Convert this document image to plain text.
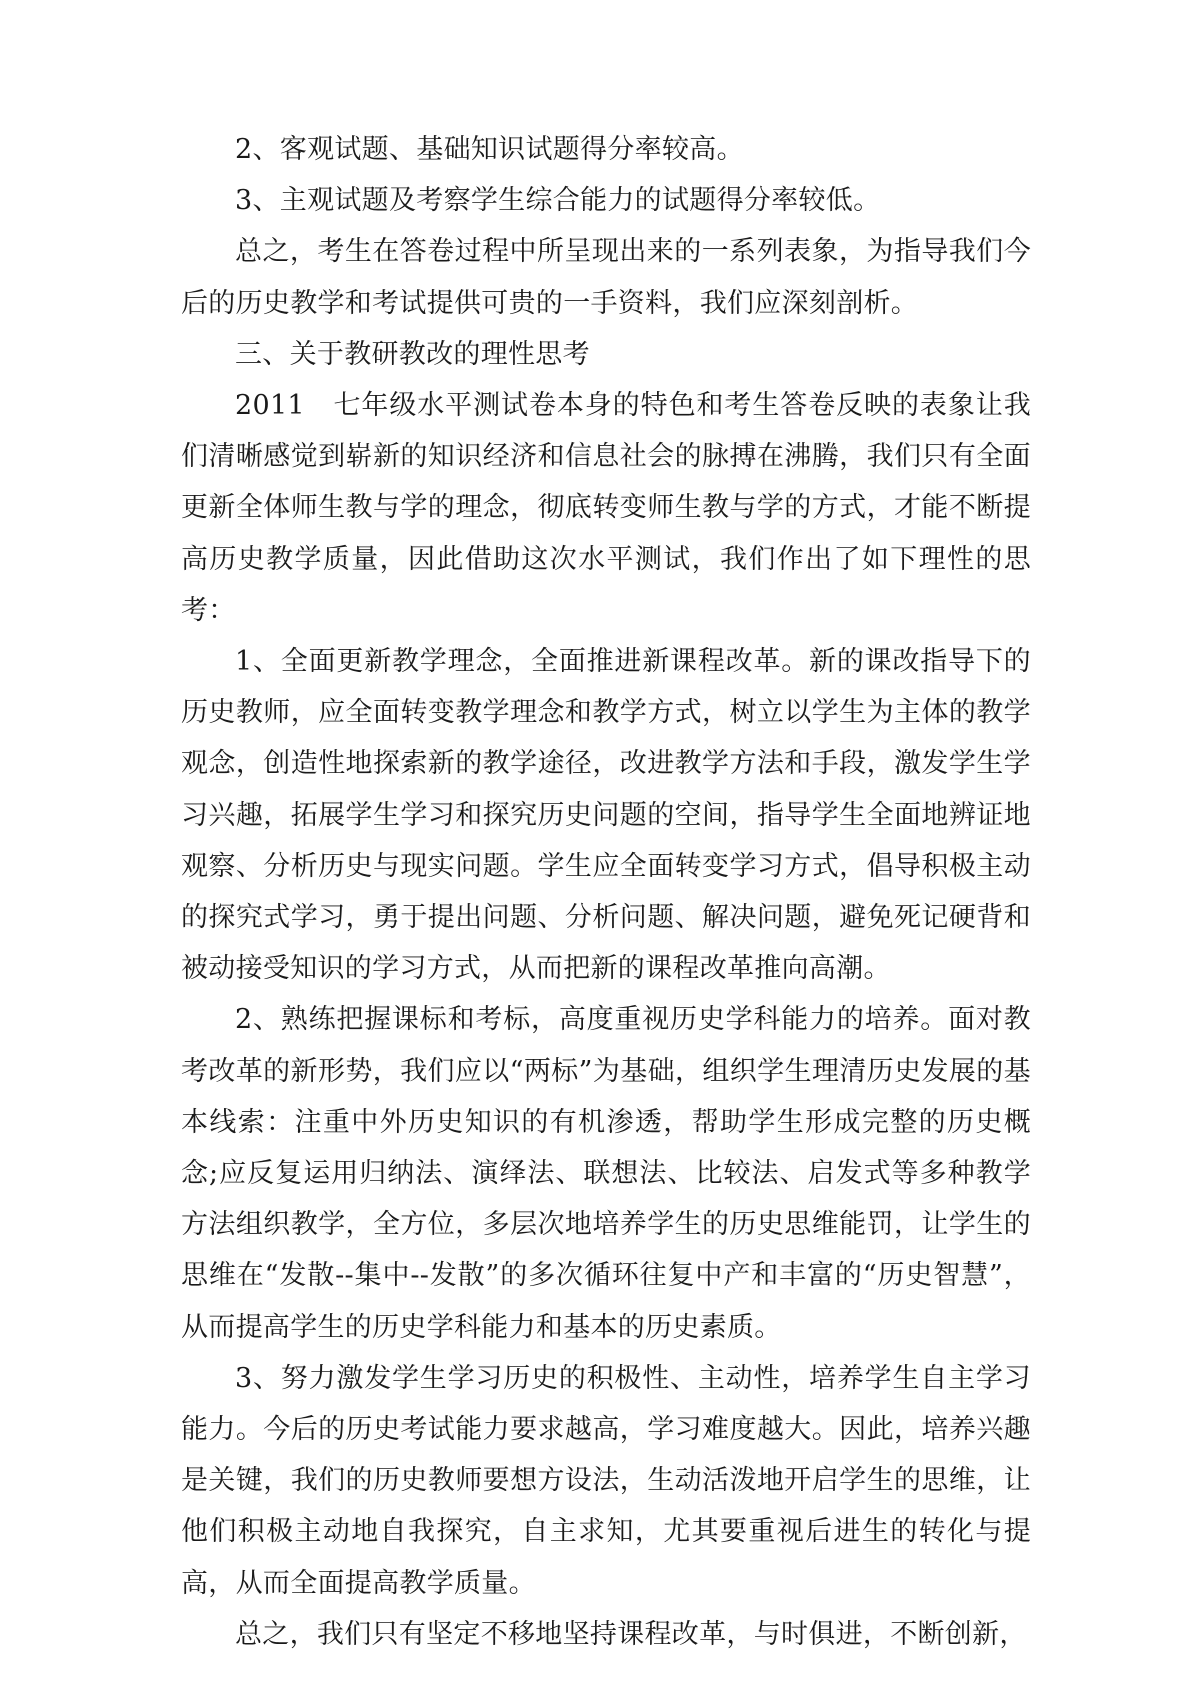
2、客观试题、基础知识试题得分率较高。

3、主观试题及考察学生综合能力的试题得分率较低。

总之，考生在答卷过程中所呈现出来的一系列表象，为指导我们今后的历史教学和考试提供可贵的一手资料，我们应深刻剖析。

三、关于教研教改的理性思考

2011　七年级水平测试卷本身的特色和考生答卷反映的表象让我们清晰感觉到崭新的知识经济和信息社会的脉搏在沸腾，我们只有全面更新全体师生教与学的理念，彻底转变师生教与学的方式，才能不断提高历史教学质量，因此借助这次水平测试，我们作出了如下理性的思考：

1、全面更新教学理念，全面推进新课程改革。新的课改指导下的历史教师，应全面转变教学理念和教学方式，树立以学生为主体的教学观念，创造性地探索新的教学途径，改进教学方法和手段，激发学生学习兴趣，拓展学生学习和探究历史问题的空间，指导学生全面地辨证地观察、分析历史与现实问题。学生应全面转变学习方式，倡导积极主动的探究式学习，勇于提出问题、分析问题、解决问题，避免死记硬背和被动接受知识的学习方式，从而把新的课程改革推向高潮。

2、熟练把握课标和考标，高度重视历史学科能力的培养。面对教考改革的新形势，我们应以“两标”为基础，组织学生理清历史发展的基本线索：注重中外历史知识的有机渗透，帮助学生形成完整的历史概念;应反复运用归纳法、演绎法、联想法、比较法、启发式等多种教学方法组织教学，全方位，多层次地培养学生的历史思维能罚，让学生的思维在“发散--集中--发散”的多次循环往复中产和丰富的“历史智慧”，从而提高学生的历史学科能力和基本的历史素质。

3、努力激发学生学习历史的积极性、主动性，培养学生自主学习能力。今后的历史考试能力要求越高，学习难度越大。因此，培养兴趣是关键，我们的历史教师要想方设法，生动活泼地开启学生的思维，让他们积极主动地自我探究，自主求知，尤其要重视后进生的转化与提高，从而全面提高教学质量。

总之，我们只有坚定不移地坚持课程改革，与时俱进，不断创新，
